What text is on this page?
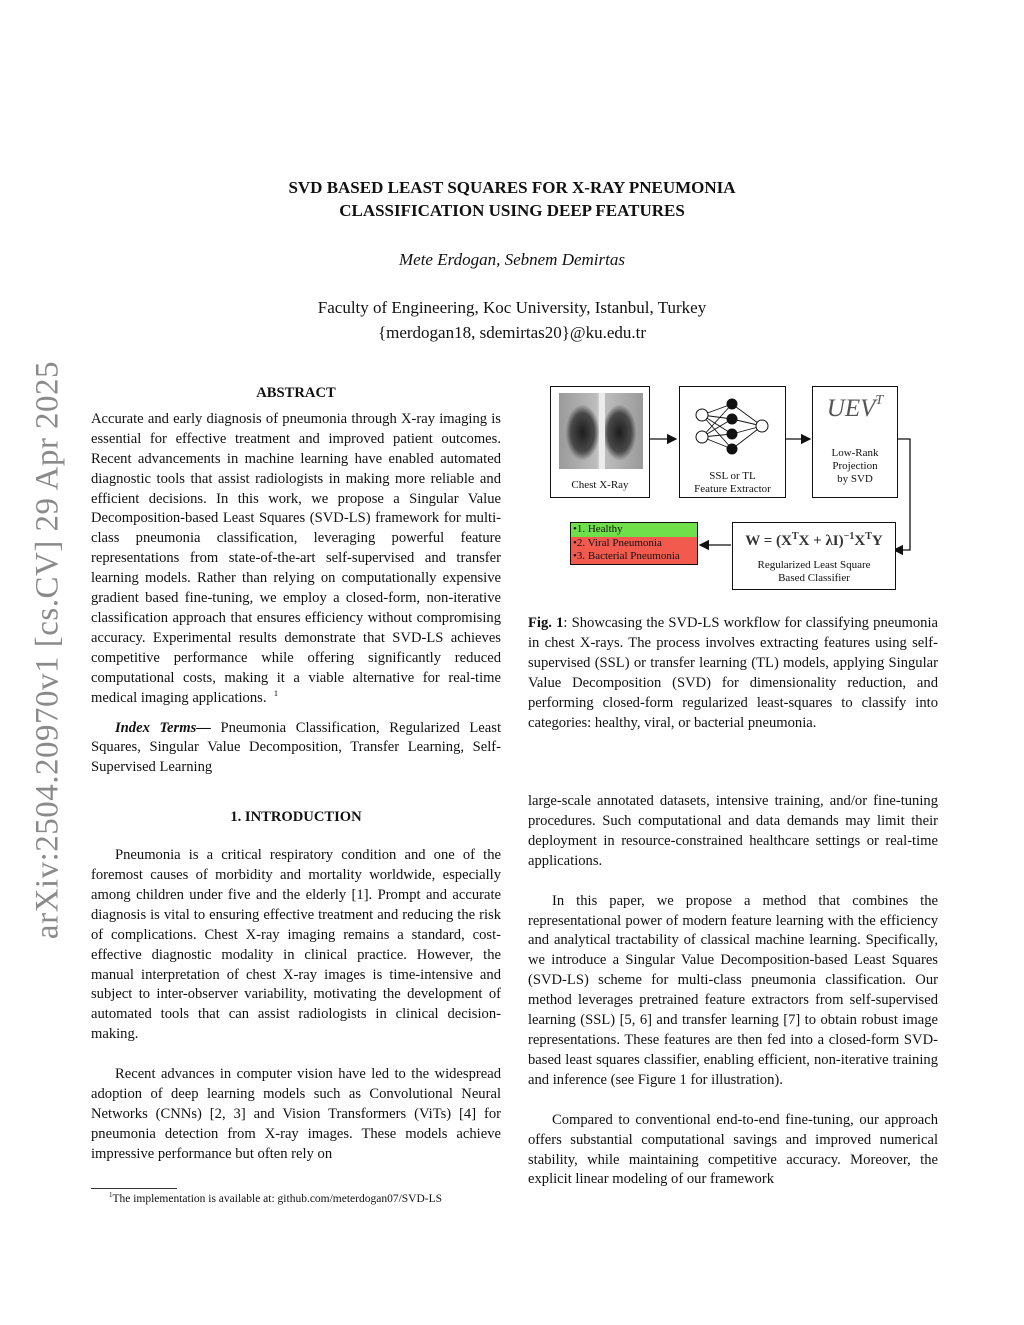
arXiv:2504.20970v1 [cs.CV] 29 Apr 2025
SVD BASED LEAST SQUARES FOR X-RAY PNEUMONIA
CLASSIFICATION USING DEEP FEATURES
Mete Erdogan, Sebnem Demirtas
Faculty of Engineering, Koc University, Istanbul, Turkey
{merdogan18, sdemirtas20}@ku.edu.tr
ABSTRACT

Accurate and early diagnosis of pneumonia through X-ray imaging is essential for effective treatment and improved patient outcomes. Recent advancements in machine learning have enabled automated diagnostic tools that assist radiologists in making more reliable and efficient decisions. In this work, we propose a Singular Value Decomposition-based Least Squares (SVD-LS) framework for multi-class pneumonia classification, leveraging powerful feature representations from state-of-the-art self-supervised and transfer learning models. Rather than relying on computationally expensive gradient based fine-tuning, we employ a closed-form, non-iterative classification approach that ensures efficiency without compromising accuracy. Experimental results demonstrate that SVD-LS achieves competitive performance while offering significantly reduced computational costs, making it a viable alternative for real-time medical imaging applications. $^1$

Index Terms— Pneumonia Classification, Regularized Least Squares, Singular Value Decomposition, Transfer Learning, Self-Supervised Learning

1. INTRODUCTION

Pneumonia is a critical respiratory condition and one of the foremost causes of morbidity and mortality worldwide, especially among children under five and the elderly [1]. Prompt and accurate diagnosis is vital to ensuring effective treatment and reducing the risk of complications. Chest X-ray imaging remains a standard, cost-effective diagnostic modality in clinical practice. However, the manual interpretation of chest X-ray images is time-intensive and subject to inter-observer variability, motivating the development of automated tools that can assist radiologists in clinical decision-making.

Recent advances in computer vision have led to the widespread adoption of deep learning models such as Convolutional Neural Networks (CNNs) [2, 3] and Vision Transformers (ViTs) [4] for pneumonia detection from X-ray images. These models achieve impressive performance but often rely on

$^1$The implementation is available at: github.com/meterdogan07/SVD-LS
Chest X-Ray
SSL or TL
Feature Extractor
$UEV^T$
Low-Rank
Projection
by SVD
•1. Healthy
•2. Viral Pneumonia
•3. Bacterial Pneumonia
$W = (X^TX + \lambda I)^{-1}X^TY$
Regularized Least Square
Based Classifier
Fig. 1: Showcasing the SVD-LS workflow for classifying pneumonia in chest X-rays. The process involves extracting features using self-supervised (SSL) or transfer learning (TL) models, applying Singular Value Decomposition (SVD) for dimensionality reduction, and performing closed-form regularized least-squares to classify into categories: healthy, viral, or bacterial pneumonia.

large-scale annotated datasets, intensive training, and/or fine-tuning procedures. Such computational and data demands may limit their deployment in resource-constrained healthcare settings or real-time applications.

In this paper, we propose a method that combines the representational power of modern feature learning with the efficiency and analytical tractability of classical machine learning. Specifically, we introduce a Singular Value Decomposition-based Least Squares (SVD-LS) scheme for multi-class pneumonia classification. Our method leverages pretrained feature extractors from self-supervised learning (SSL) [5, 6] and transfer learning [7] to obtain robust image representations. These features are then fed into a closed-form SVD-based least squares classifier, enabling efficient, non-iterative training and inference (see Figure 1 for illustration).

Compared to conventional end-to-end fine-tuning, our approach offers substantial computational savings and improved numerical stability, while maintaining competitive accuracy. Moreover, the explicit linear modeling of our framework
